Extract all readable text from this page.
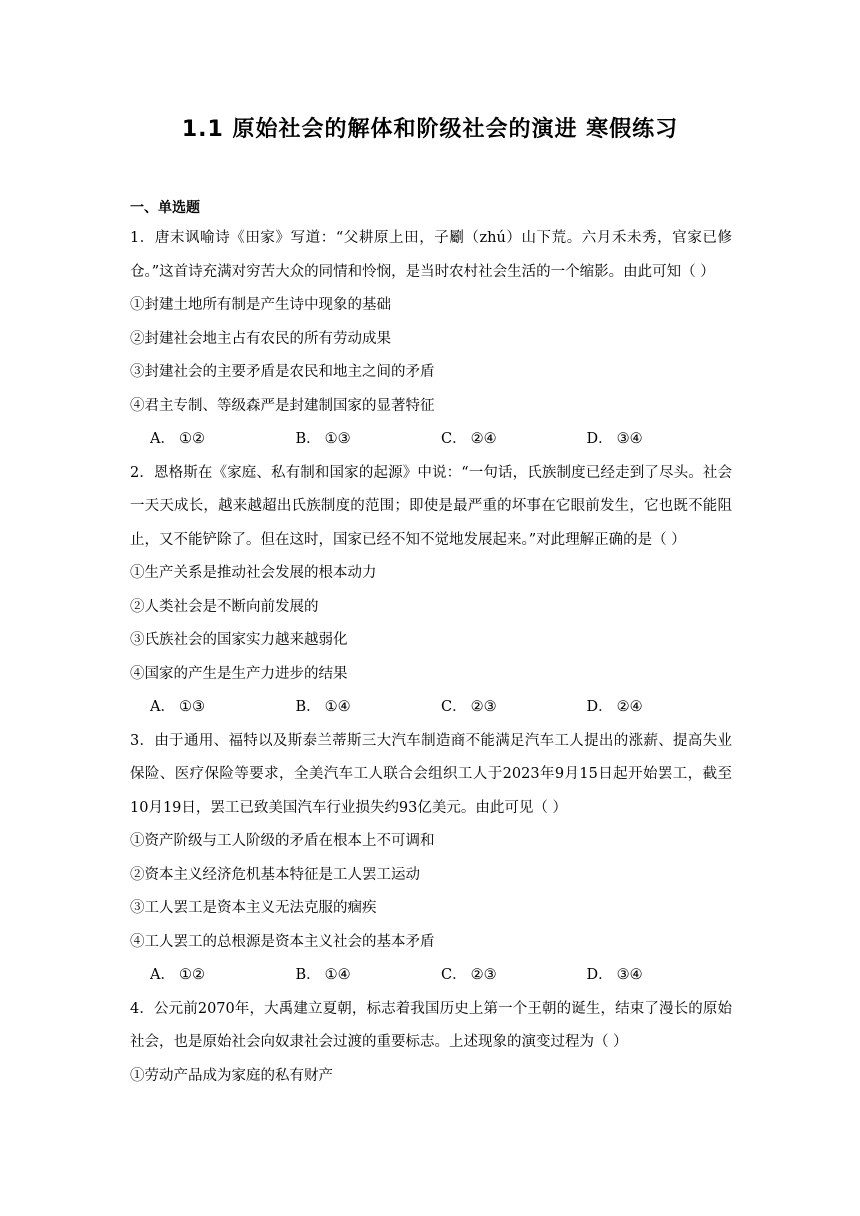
1.1 原始社会的解体和阶级社会的演进 寒假练习
一、单选题
1．唐末讽喻诗《田家》写道：“父耕原上田，子劚（zhú）山下荒。六月禾未秀，官家已修仓。”这首诗充满对穷苦大众的同情和怜悯，是当时农村社会生活的一个缩影。由此可知（ ）
①封建土地所有制是产生诗中现象的基础
②封建社会地主占有农民的所有劳动成果
③封建社会的主要矛盾是农民和地主之间的矛盾
④君主专制、等级森严是封建制国家的显著特征
A． ①②	B． ①③	C． ②④	D． ③④
2．恩格斯在《家庭、私有制和国家的起源》中说：“一句话，氏族制度已经走到了尽头。社会一天天成长，越来越超出氏族制度的范围；即使是最严重的坏事在它眼前发生，它也既不能阻止，又不能铲除了。但在这时，国家已经不知不觉地发展起来。”对此理解正确的是（ ）
①生产关系是推动社会发展的根本动力
②人类社会是不断向前发展的
③氏族社会的国家实力越来越弱化
④国家的产生是生产力进步的结果
A． ①③	B． ①④	C． ②③	D． ②④
3．由于通用、福特以及斯泰兰蒂斯三大汽车制造商不能满足汽车工人提出的涨薪、提高失业保险、医疗保险等要求，全美汽车工人联合会组织工人于2023年9月15日起开始罢工，截至10月19日，罢工已致美国汽车行业损失约93亿美元。由此可见（ ）
①资产阶级与工人阶级的矛盾在根本上不可调和
②资本主义经济危机基本特征是工人罢工运动
③工人罢工是资本主义无法克服的痼疾
④工人罢工的总根源是资本主义社会的基本矛盾
A． ①②	B． ①④	C． ②③	D． ③④
4．公元前2070年，大禹建立夏朝，标志着我国历史上第一个王朝的诞生，结束了漫长的原始社会，也是原始社会向奴隶社会过渡的重要标志。上述现象的演变过程为（ ）
①劳动产品成为家庭的私有财产
